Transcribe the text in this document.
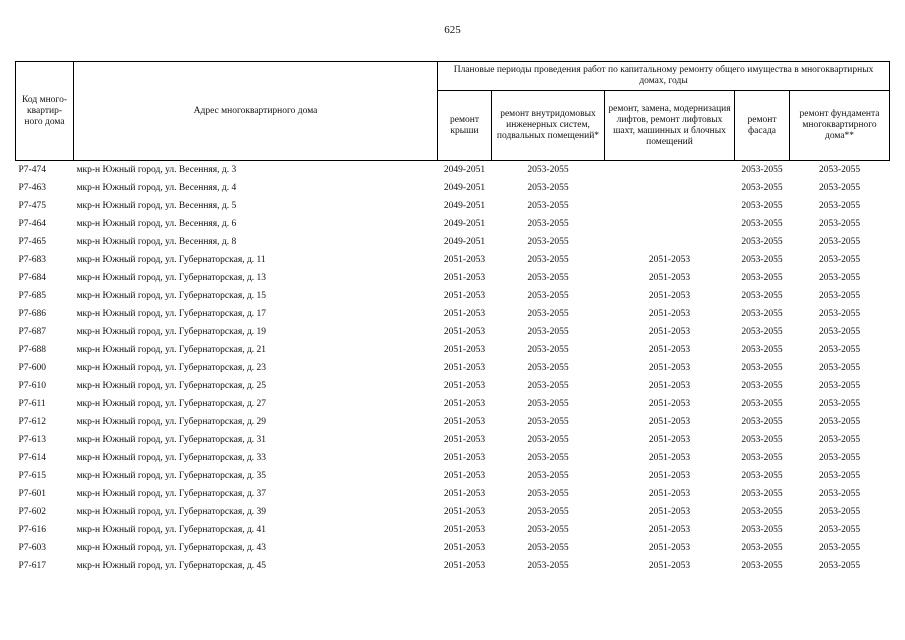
625
Код много-
квартир-
ного дома	Адрес многоквартирного дома	Плановые периоды проведения работ по капитальному ремонту общего имущества в многоквартирных домах, годы				
		ремонт крыши	ремонт внутридомовых инженерных систем, подвальных помещений*	ремонт, замена, модернизация лифтов, ремонт лифтовых шахт, машинных и блочных помещений	ремонт фасада	ремонт фундамента многоквартирного дома**
Р7-474	мкр-н Южный город, ул. Весенняя, д. 3	2049-2051	2053-2055		2053-2055	2053-2055
Р7-463	мкр-н Южный город, ул. Весенняя, д. 4	2049-2051	2053-2055		2053-2055	2053-2055
Р7-475	мкр-н Южный город, ул. Весенняя, д. 5	2049-2051	2053-2055		2053-2055	2053-2055
Р7-464	мкр-н Южный город, ул. Весенняя, д. 6	2049-2051	2053-2055		2053-2055	2053-2055
Р7-465	мкр-н Южный город, ул. Весенняя, д. 8	2049-2051	2053-2055		2053-2055	2053-2055
Р7-683	мкр-н Южный город, ул. Губернаторская, д. 11	2051-2053	2053-2055	2051-2053	2053-2055	2053-2055
Р7-684	мкр-н Южный город, ул. Губернаторская, д. 13	2051-2053	2053-2055	2051-2053	2053-2055	2053-2055
Р7-685	мкр-н Южный город, ул. Губернаторская, д. 15	2051-2053	2053-2055	2051-2053	2053-2055	2053-2055
Р7-686	мкр-н Южный город, ул. Губернаторская, д. 17	2051-2053	2053-2055	2051-2053	2053-2055	2053-2055
Р7-687	мкр-н Южный город, ул. Губернаторская, д. 19	2051-2053	2053-2055	2051-2053	2053-2055	2053-2055
Р7-688	мкр-н Южный город, ул. Губернаторская, д. 21	2051-2053	2053-2055	2051-2053	2053-2055	2053-2055
Р7-600	мкр-н Южный город, ул. Губернаторская, д. 23	2051-2053	2053-2055	2051-2053	2053-2055	2053-2055
Р7-610	мкр-н Южный город, ул. Губернаторская, д. 25	2051-2053	2053-2055	2051-2053	2053-2055	2053-2055
Р7-611	мкр-н Южный город, ул. Губернаторская, д. 27	2051-2053	2053-2055	2051-2053	2053-2055	2053-2055
Р7-612	мкр-н Южный город, ул. Губернаторская, д. 29	2051-2053	2053-2055	2051-2053	2053-2055	2053-2055
Р7-613	мкр-н Южный город, ул. Губернаторская, д. 31	2051-2053	2053-2055	2051-2053	2053-2055	2053-2055
Р7-614	мкр-н Южный город, ул. Губернаторская, д. 33	2051-2053	2053-2055	2051-2053	2053-2055	2053-2055
Р7-615	мкр-н Южный город, ул. Губернаторская, д. 35	2051-2053	2053-2055	2051-2053	2053-2055	2053-2055
Р7-601	мкр-н Южный город, ул. Губернаторская, д. 37	2051-2053	2053-2055	2051-2053	2053-2055	2053-2055
Р7-602	мкр-н Южный город, ул. Губернаторская, д. 39	2051-2053	2053-2055	2051-2053	2053-2055	2053-2055
Р7-616	мкр-н Южный город, ул. Губернаторская, д. 41	2051-2053	2053-2055	2051-2053	2053-2055	2053-2055
Р7-603	мкр-н Южный город, ул. Губернаторская, д. 43	2051-2053	2053-2055	2051-2053	2053-2055	2053-2055
Р7-617	мкр-н Южный город, ул. Губернаторская, д. 45	2051-2053	2053-2055	2051-2053	2053-2055	2053-2055
